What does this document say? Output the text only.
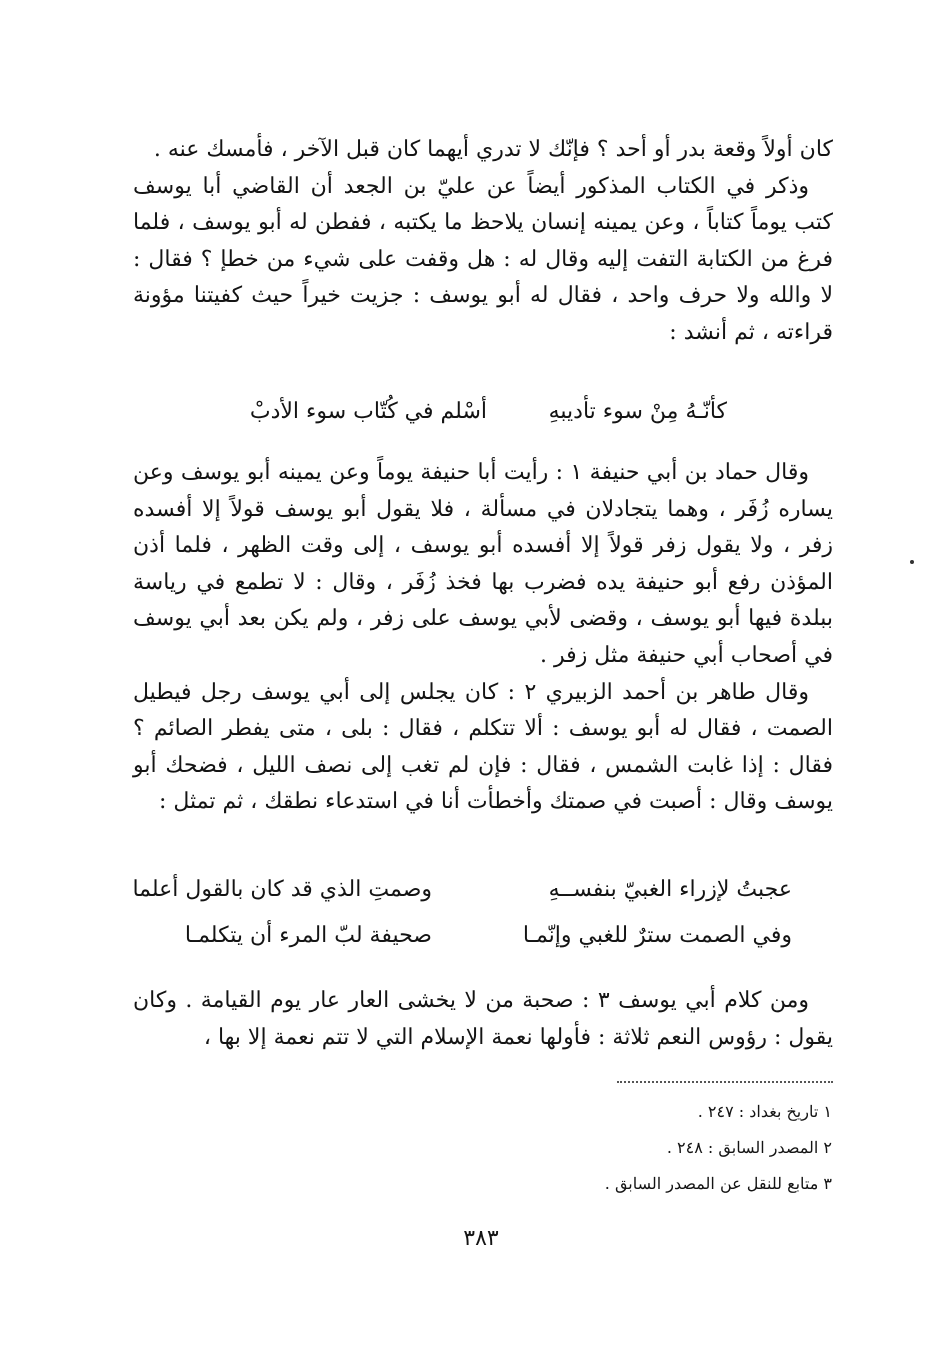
كان أولاً وقعة بدر أو أحد ؟ فإنّك لا تدري أيهما كان قبل الآخر ، فأمسك عنه .

وذكر في الكتاب المذكور أيضاً عن عليّ بن الجعد أن القاضي أبا يوسف كتب يوماً كتاباً ، وعن يمينه إنسان يلاحظ ما يكتبه ، ففطن له أبو يوسف ، فلما فرغ من الكتابة التفت إليه وقال له : هل وقفت على شيء من خطإ ؟ فقال : لا والله ولا حرف واحد ، فقال له أبو يوسف : جزيت خيراً حيث كفيتنا مؤونة قراءته ، ثم أنشد :

كأنّـهُ مِنْ سوء تأديبهِأسْلم في كُتّاب سوء الأدبْ

وقال حماد بن أبي حنيفة ١ : رأيت أبا حنيفة يوماً وعن يمينه أبو يوسف وعن يساره زُفَر ، وهما يتجادلان في مسألة ، فلا يقول أبو يوسف قولاً إلا أفسده زفر ، ولا يقول زفر قولاً إلا أفسده أبو يوسف ، إلى وقت الظهر ، فلما أذن المؤذن رفع أبو حنيفة يده فضرب بها فخذ زُفَر ، وقال : لا تطمع في رياسة ببلدة فيها أبو يوسف ، وقضى لأبي يوسف على زفر ، ولم يكن بعد أبي يوسف في أصحاب أبي حنيفة مثل زفر .

وقال طاهر بن أحمد الزبيري ٢ : كان يجلس إلى أبي يوسف رجل فيطيل الصمت ، فقال له أبو يوسف : ألا تتكلم ، فقال : بلى ، متى يفطر الصائم ؟ فقال : إذا غابت الشمس ، فقال : فإن لم تغب إلى نصف الليل ، فضحك أبو يوسف وقال : أصبت في صمتك وأخطأت أنا في استدعاء نطقك ، ثم تمثل :

عجبتُ لإزراء الغبيّ بنفســهِوصمتِ الذي قد كان بالقول أعلما
وفي الصمت سترٌ للغبي وإنّمـاصحيفة لبّ المرء أن يتكلمـا

ومن كلام أبي يوسف ٣ : صحبة من لا يخشى العار عار يوم القيامة . وكان يقول : رؤوس النعم ثلاثة : فأولها نعمة الإسلام التي لا تتم نعمة إلا بها ،

١ تاريخ بغداد : ٢٤٧ .
٢ المصدر السابق : ٢٤٨ .
٣ متابع للنقل عن المصدر السابق .
٣٨٣
